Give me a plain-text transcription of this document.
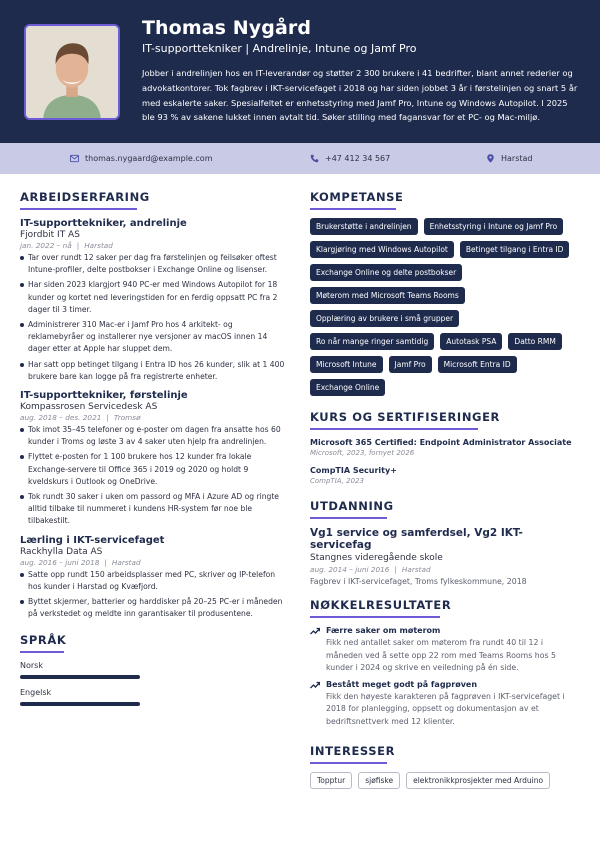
Thomas Nygård
IT-supporttekniker | Andrelinje, Intune og Jamf Pro
Jobber i andrelinjen hos en IT-leverandør og støtter 2 300 brukere i 41 bedrifter, blant annet rederier og advokatkontorer. Tok fagbrev i IKT-servicefaget i 2018 og har siden jobbet 3 år i førstelinjen og snart 5 år med eskalerte saker. Spesialfeltet er enhetsstyring med Jamf Pro, Intune og Windows Autopilot. I 2025 ble 93 % av sakene lukket innen avtalt tid. Søker stilling med fagansvar for et PC- og Mac-miljø.
thomas.nygaard@example.com	+47 412 34 567	Harstad
ARBEIDSERFARING
IT-supporttekniker, andrelinje
Fjordbit IT AS
jan. 2022 – nå | Harstad
Tar over rundt 12 saker per dag fra førstelinjen og feilsøker oftest Intune-profiler, delte postbokser i Exchange Online og lisenser.
Har siden 2023 klargjort 940 PC-er med Windows Autopilot for 18 kunder og kortet ned leveringstiden for en ferdig oppsatt PC fra 2 dager til 3 timer.
Administrerer 310 Mac-er i Jamf Pro hos 4 arkitekt- og reklamebyråer og installerer nye versjoner av macOS innen 14 dager etter at Apple har sluppet dem.
Har satt opp betinget tilgang i Entra ID hos 26 kunder, slik at 1 400 brukere bare kan logge på fra registrerte enheter.
IT-supporttekniker, førstelinje
Kompassrosen Servicedesk AS
aug. 2018 – des. 2021 | Tromsø
Tok imot 35–45 telefoner og e-poster om dagen fra ansatte hos 60 kunder i Troms og løste 3 av 4 saker uten hjelp fra andrelinjen.
Flyttet e-posten for 1 100 brukere hos 12 kunder fra lokale Exchange-servere til Office 365 i 2019 og 2020 og holdt 9 kveldskurs i Outlook og OneDrive.
Tok rundt 30 saker i uken om passord og MFA i Azure AD og ringte alltid tilbake til nummeret i kundens HR-system før noe ble tilbakestilt.
Lærling i IKT-servicefaget
Rackhylla Data AS
aug. 2016 – juni 2018 | Harstad
Satte opp rundt 150 arbeidsplasser med PC, skriver og IP-telefon hos kunder i Harstad og Kvæfjord.
Byttet skjermer, batterier og harddisker på 20–25 PC-er i måneden på verkstedet og meldte inn garantisaker til produsentene.
SPRÅK
Norsk
Engelsk
KOMPETANSE
Brukerstøtte i andrelinjen	Enhetsstyring i Intune og Jamf Pro
Klargjøring med Windows Autopilot	Betinget tilgang i Entra ID
Exchange Online og delte postbokser
Møterom med Microsoft Teams Rooms
Opplæring av brukere i små grupper
Ro når mange ringer samtidig	Autotask PSA	Datto RMM
Microsoft Intune	Jamf Pro	Microsoft Entra ID
Exchange Online
KURS OG SERTIFISERINGER
Microsoft 365 Certified: Endpoint Administrator Associate
Microsoft, 2023, fornyet 2026
CompTIA Security+
CompTIA, 2023
UTDANNING
Vg1 service og samferdsel, Vg2 IKT-servicefag
Stangnes videregående skole
aug. 2014 – juni 2016 | Harstad
Fagbrev i IKT-servicefaget, Troms fylkeskommune, 2018
NØKKELRESULTATER
Færre saker om møterom
Fikk ned antallet saker om møterom fra rundt 40 til 12 i måneden ved å sette opp 22 rom med Teams Rooms hos 5 kunder i 2024 og skrive en veiledning på én side.
Bestått meget godt på fagprøven
Fikk den høyeste karakteren på fagprøven i IKT-servicefaget i 2018 for planlegging, oppsett og dokumentasjon av et bedriftsnettverk med 12 klienter.
INTERESSER
Topptur	sjøfiske	elektronikkprosjekter med Arduino
